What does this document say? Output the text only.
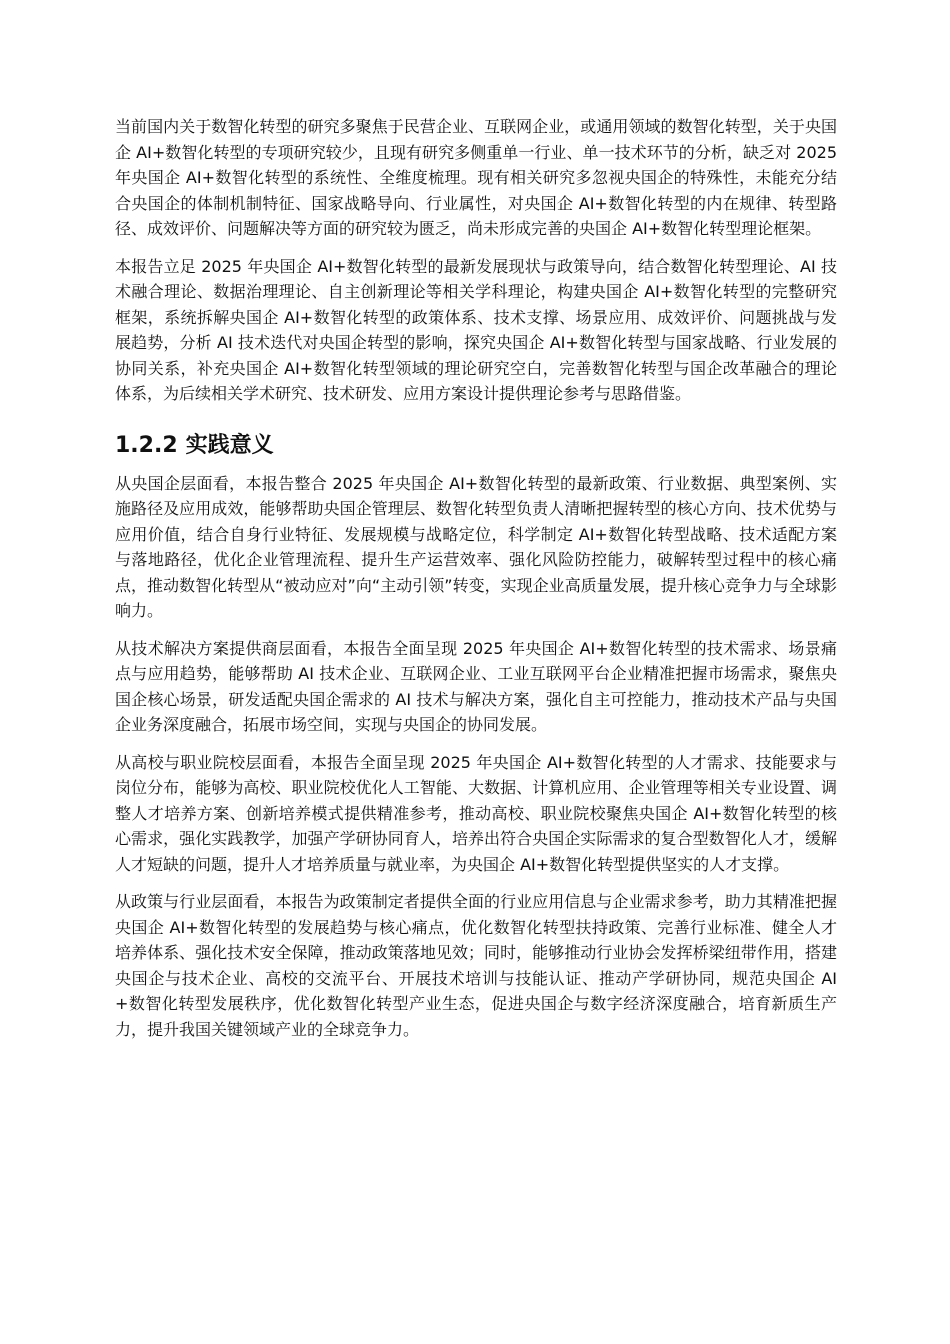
当前国内关于数智化转型的研究多聚焦于民营企业、互联网企业，或通用领域的数智化转型，关于央国企 AI+数智化转型的专项研究较少，且现有研究多侧重单一行业、单一技术环节的分析，缺乏对 2025 年央国企 AI+数智化转型的系统性、全维度梳理。现有相关研究多忽视央国企的特殊性，未能充分结合央国企的体制机制特征、国家战略导向、行业属性，对央国企 AI+数智化转型的内在规律、转型路径、成效评价、问题解决等方面的研究较为匮乏，尚未形成完善的央国企 AI+数智化转型理论框架。

本报告立足 2025 年央国企 AI+数智化转型的最新发展现状与政策导向，结合数智化转型理论、AI 技术融合理论、数据治理理论、自主创新理论等相关学科理论，构建央国企 AI+数智化转型的完整研究框架，系统拆解央国企 AI+数智化转型的政策体系、技术支撑、场景应用、成效评价、问题挑战与发展趋势，分析 AI 技术迭代对央国企转型的影响，探究央国企 AI+数智化转型与国家战略、行业发展的协同关系，补充央国企 AI+数智化转型领域的理论研究空白，完善数智化转型与国企改革融合的理论体系，为后续相关学术研究、技术研发、应用方案设计提供理论参考与思路借鉴。

1.2.2 实践意义

从央国企层面看，本报告整合 2025 年央国企 AI+数智化转型的最新政策、行业数据、典型案例、实施路径及应用成效，能够帮助央国企管理层、数智化转型负责人清晰把握转型的核心方向、技术优势与应用价值，结合自身行业特征、发展规模与战略定位，科学制定 AI+数智化转型战略、技术适配方案与落地路径，优化企业管理流程、提升生产运营效率、强化风险防控能力，破解转型过程中的核心痛点，推动数智化转型从“被动应对”向“主动引领”转变，实现企业高质量发展，提升核心竞争力与全球影响力。

从技术解决方案提供商层面看，本报告全面呈现 2025 年央国企 AI+数智化转型的技术需求、场景痛点与应用趋势，能够帮助 AI 技术企业、互联网企业、工业互联网平台企业精准把握市场需求，聚焦央国企核心场景，研发适配央国企需求的 AI 技术与解决方案，强化自主可控能力，推动技术产品与央国企业务深度融合，拓展市场空间，实现与央国企的协同发展。

从高校与职业院校层面看，本报告全面呈现 2025 年央国企 AI+数智化转型的人才需求、技能要求与岗位分布，能够为高校、职业院校优化人工智能、大数据、计算机应用、企业管理等相关专业设置、调整人才培养方案、创新培养模式提供精准参考，推动高校、职业院校聚焦央国企 AI+数智化转型的核心需求，强化实践教学，加强产学研协同育人，培养出符合央国企实际需求的复合型数智化人才，缓解人才短缺的问题，提升人才培养质量与就业率，为央国企 AI+数智化转型提供坚实的人才支撑。

从政策与行业层面看，本报告为政策制定者提供全面的行业应用信息与企业需求参考，助力其精准把握央国企 AI+数智化转型的发展趋势与核心痛点，优化数智化转型扶持政策、完善行业标准、健全人才培养体系、强化技术安全保障，推动政策落地见效；同时，能够推动行业协会发挥桥梁纽带作用，搭建央国企与技术企业、高校的交流平台、开展技术培训与技能认证、推动产学研协同，规范央国企 AI+数智化转型发展秩序，优化数智化转型产业生态，促进央国企与数字经济深度融合，培育新质生产力，提升我国关键领域产业的全球竞争力。
